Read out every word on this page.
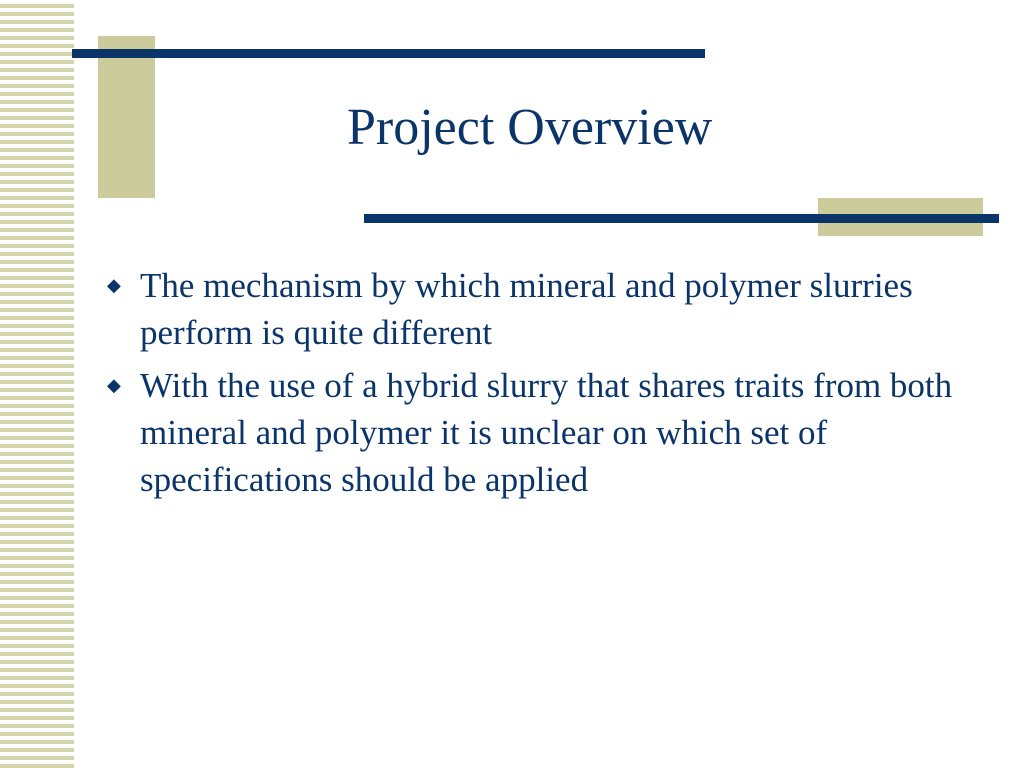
Project Overview
◆ The mechanism by which mineral and polymer slurries perform is quite different
◆ With the use of a hybrid slurry that shares traits from both mineral and polymer it is unclear on which set of specifications should be applied
